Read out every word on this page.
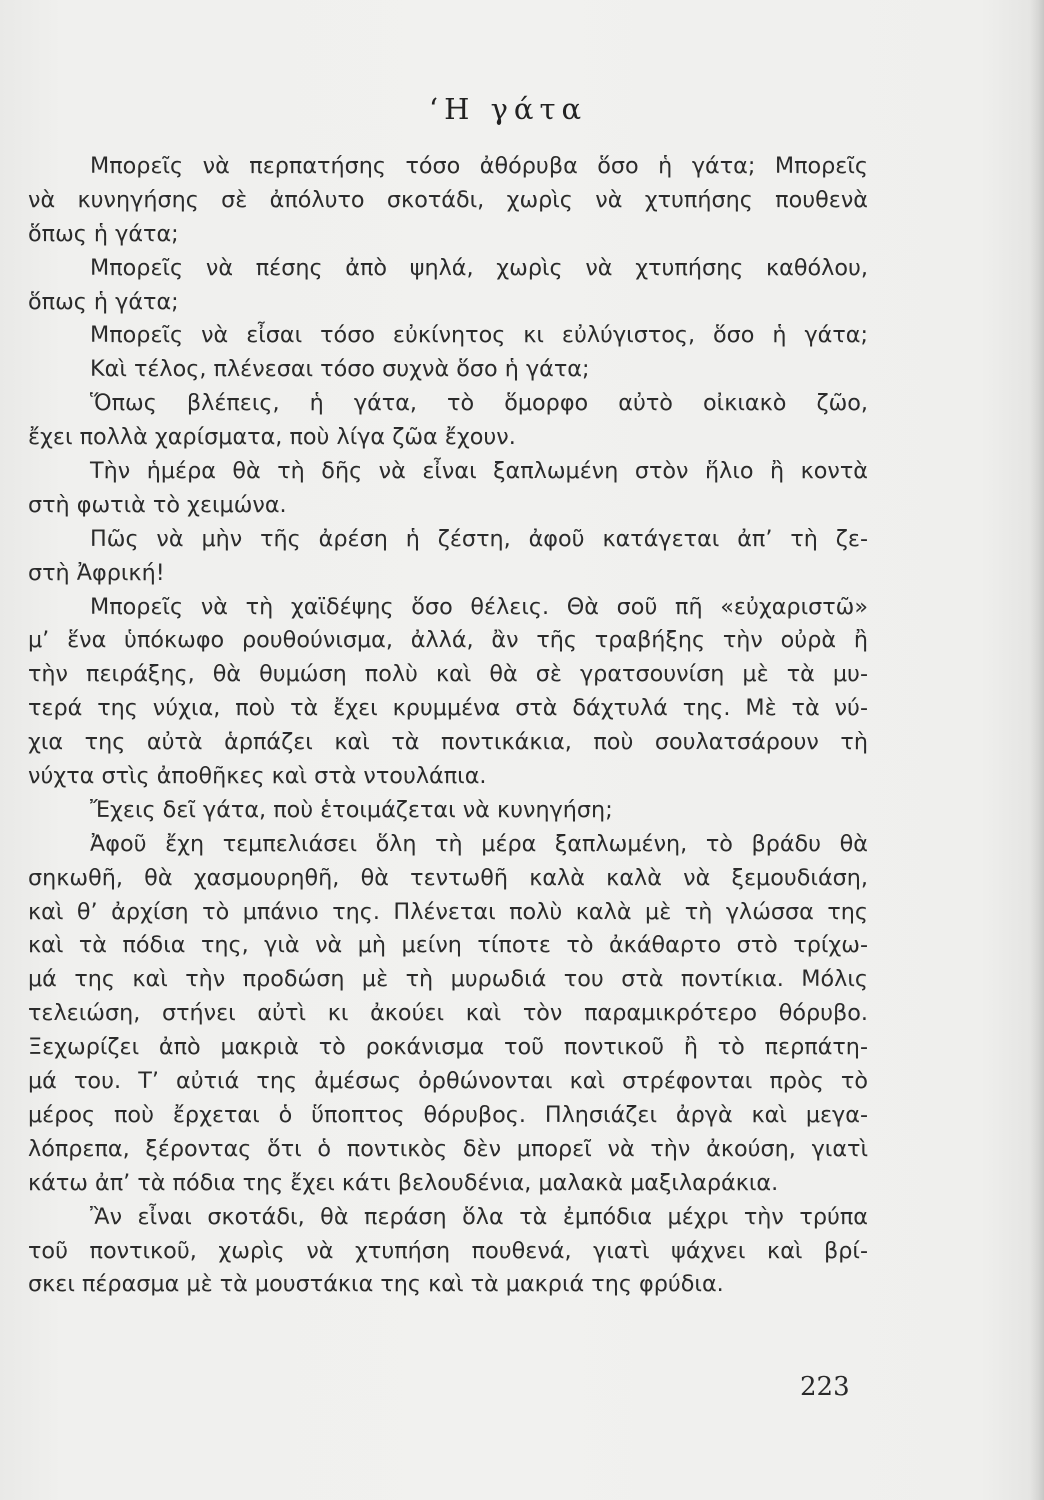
‘Η γάτα
Μπορεῖς νὰ περπατήσης τόσο ἀθόρυβα ὅσο ἡ γάτα; Μπορεῖς
νὰ κυνηγήσης σὲ ἀπόλυτο σκοτάδι, χωρὶς νὰ χτυπήσης πουθενὰ
ὅπως ἡ γάτα;
Μπορεῖς νὰ πέσης ἀπὸ ψηλά, χωρὶς νὰ χτυπήσης καθόλου,
ὅπως ἡ γάτα;
Μπορεῖς νὰ εἶσαι τόσο εὐκίνητος κι εὐλύγιστος, ὅσο ἡ γάτα;
Καὶ τέλος, πλένεσαι τόσο συχνὰ ὅσο ἡ γάτα;
Ὅπως βλέπεις, ἡ γάτα, τὸ ὅμορφο αὐτὸ οἰκιακὸ ζῶο,
ἔχει πολλὰ χαρίσματα, ποὺ λίγα ζῶα ἔχουν.
Τὴν ἡμέρα θὰ τὴ δῆς νὰ εἶναι ξαπλωμένη στὸν ἥλιο ἢ κοντὰ
στὴ φωτιὰ τὸ χειμώνα.
Πῶς νὰ μὴν τῆς ἀρέση ἡ ζέστη, ἀφοῦ κατάγεται ἀπ’ τὴ ζε-
στὴ Ἀφρική!
Μπορεῖς νὰ τὴ χαϊδέψης ὅσο θέλεις. Θὰ σοῦ πῆ «εὐχαριστῶ»
μ’ ἕνα ὑπόκωφο ρουθούνισμα, ἀλλά, ἂν τῆς τραβήξης τὴν οὐρὰ ἢ
τὴν πειράξης, θὰ θυμώση πολὺ καὶ θὰ σὲ γρατσουνίση μὲ τὰ μυ-
τερά της νύχια, ποὺ τὰ ἔχει κρυμμένα στὰ δάχτυλά της. Μὲ τὰ νύ-
χια της αὐτὰ ἁρπάζει καὶ τὰ ποντικάκια, ποὺ σουλατσάρουν τὴ
νύχτα στὶς ἀποθῆκες καὶ στὰ ντουλάπια.
Ἔχεις δεῖ γάτα, ποὺ ἑτοιμάζεται νὰ κυνηγήση;
Ἀφοῦ ἔχη τεμπελιάσει ὅλη τὴ μέρα ξαπλωμένη, τὸ βράδυ θὰ
σηκωθῆ, θὰ χασμουρηθῆ, θὰ τεντωθῆ καλὰ καλὰ νὰ ξεμουδιάση,
καὶ θ’ ἀρχίση τὸ μπάνιο της. Πλένεται πολὺ καλὰ μὲ τὴ γλώσσα της
καὶ τὰ πόδια της, γιὰ νὰ μὴ μείνη τίποτε τὸ ἀκάθαρτο στὸ τρίχω-
μά της καὶ τὴν προδώση μὲ τὴ μυρωδιά του στὰ ποντίκια. Μόλις
τελειώση, στήνει αὐτὶ κι ἀκούει καὶ τὸν παραμικρότερο θόρυβο.
Ξεχωρίζει ἀπὸ μακριὰ τὸ ροκάνισμα τοῦ ποντικοῦ ἢ τὸ περπάτη-
μά του. Τ’ αὐτιά της ἀμέσως ὀρθώνονται καὶ στρέφονται πρὸς τὸ
μέρος ποὺ ἔρχεται ὁ ὕποπτος θόρυβος. Πλησιάζει ἀργὰ καὶ μεγα-
λόπρεπα, ξέροντας ὅτι ὁ ποντικὸς δὲν μπορεῖ νὰ τὴν ἀκούση, γιατὶ
κάτω ἀπ’ τὰ πόδια της ἔχει κάτι βελουδένια, μαλακὰ μαξιλαράκια.
Ἂν εἶναι σκοτάδι, θὰ περάση ὅλα τὰ ἐμπόδια μέχρι τὴν τρύπα
τοῦ ποντικοῦ, χωρὶς νὰ χτυπήση πουθενά, γιατὶ ψάχνει καὶ βρί-
σκει πέρασμα μὲ τὰ μουστάκια της καὶ τὰ μακριά της φρύδια.
223
